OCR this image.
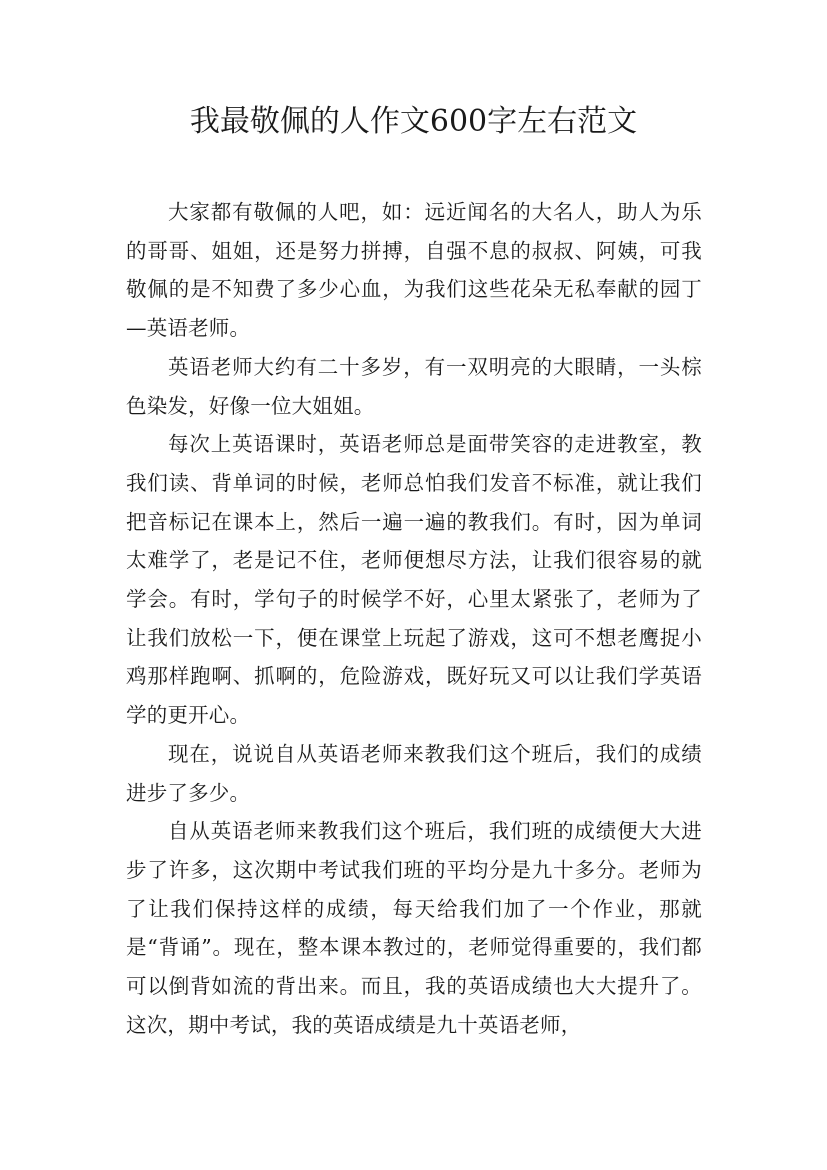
我最敬佩的人作文600字左右范文

大家都有敬佩的人吧，如：远近闻名的大名人，助人为乐的哥哥、姐姐，还是努力拼搏，自强不息的叔叔、阿姨，可我敬佩的是不知费了多少心血，为我们这些花朵无私奉献的园丁—英语老师。

英语老师大约有二十多岁，有一双明亮的大眼睛，一头棕色染发，好像一位大姐姐。

每次上英语课时，英语老师总是面带笑容的走进教室，教我们读、背单词的时候，老师总怕我们发音不标准，就让我们把音标记在课本上，然后一遍一遍的教我们。有时，因为单词太难学了，老是记不住，老师便想尽方法，让我们很容易的就学会。有时，学句子的时候学不好，心里太紧张了，老师为了让我们放松一下，便在课堂上玩起了游戏，这可不想老鹰捉小鸡那样跑啊、抓啊的，危险游戏，既好玩又可以让我们学英语学的更开心。

现在，说说自从英语老师来教我们这个班后，我们的成绩进步了多少。

自从英语老师来教我们这个班后，我们班的成绩便大大进步了许多，这次期中考试我们班的平均分是九十多分。老师为了让我们保持这样的成绩，每天给我们加了一个作业，那就是“背诵”。现在，整本课本教过的，老师觉得重要的，我们都可以倒背如流的背出来。而且，我的英语成绩也大大提升了。这次，期中考试，我的英语成绩是九十英语老师，
